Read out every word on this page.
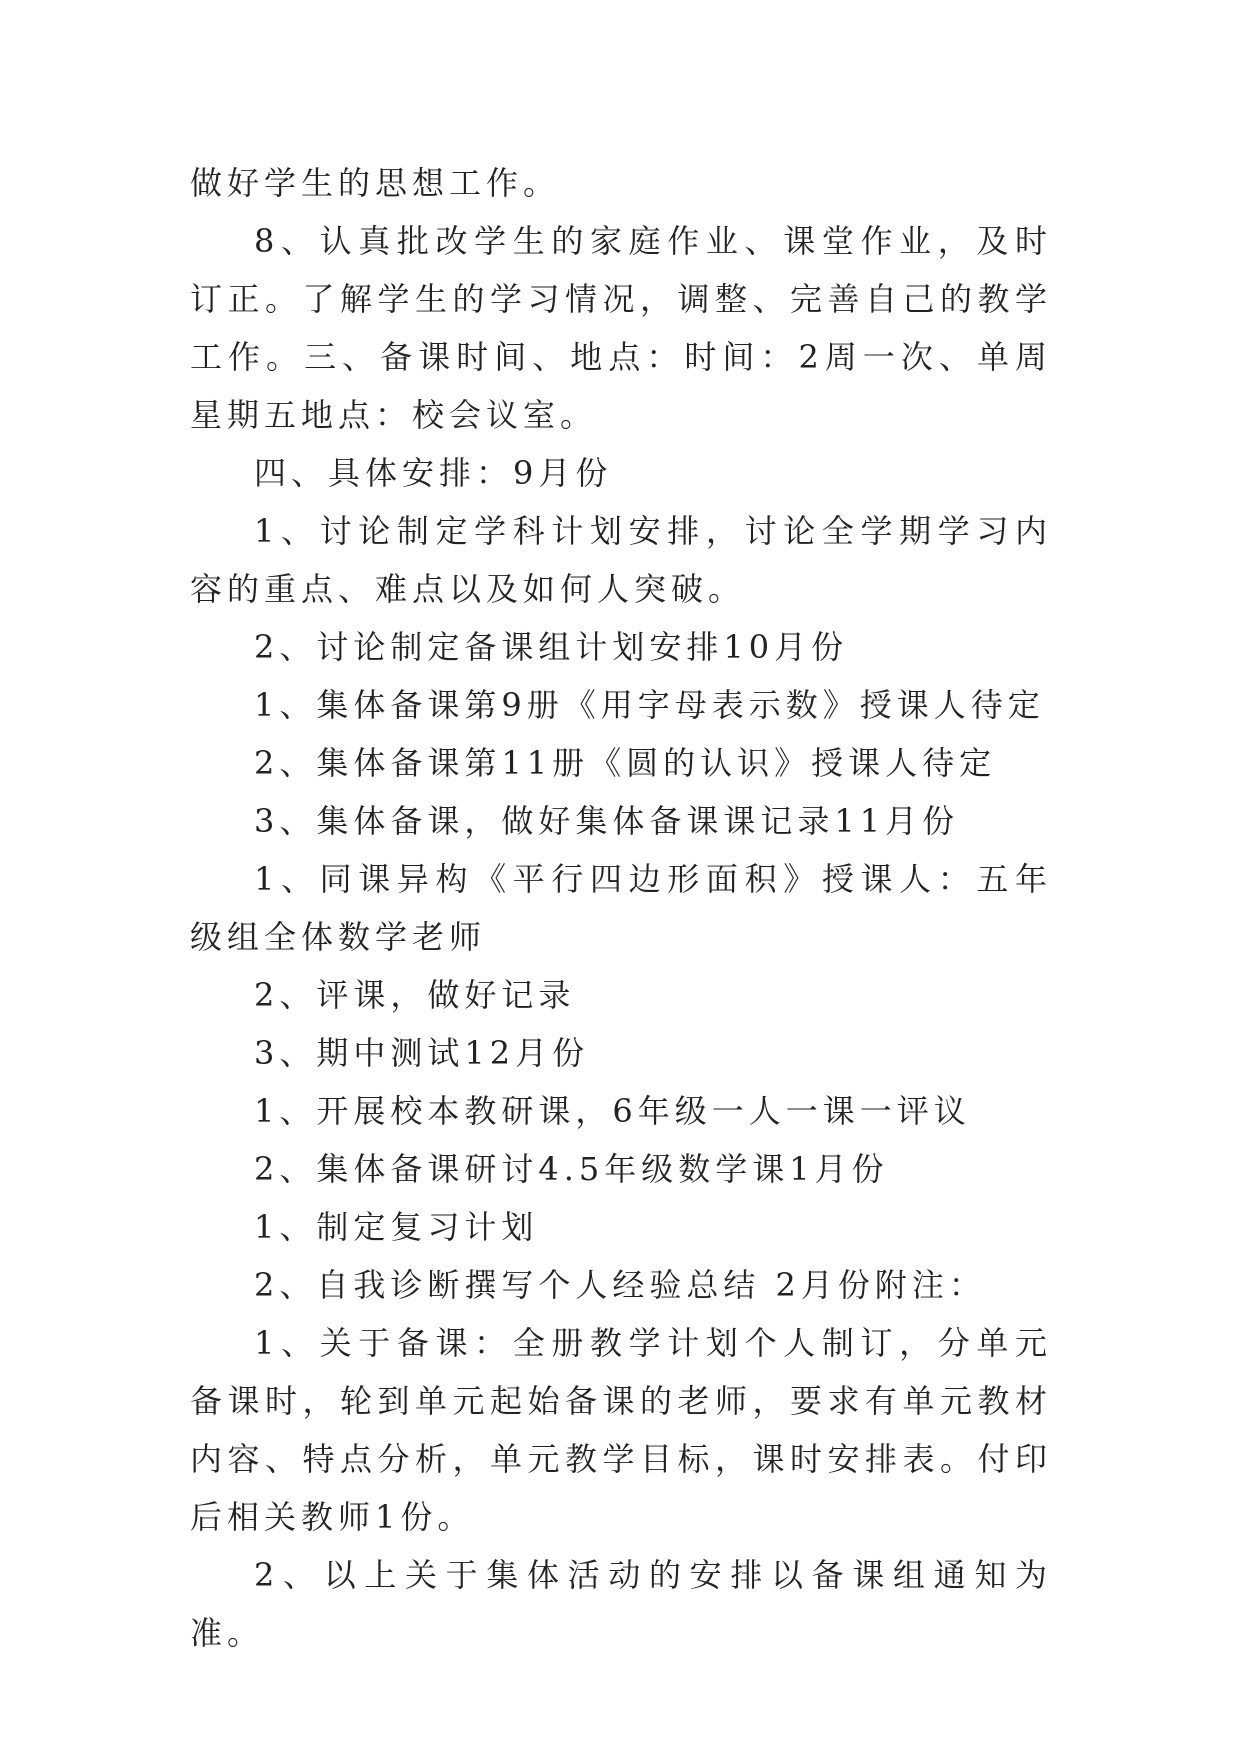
做好学生的思想工作。

8、认真批改学生的家庭作业、课堂作业，及时订正。了解学生的学习情况，调整、完善自己的教学工作。三、备课时间、地点：时间：2周一次、单周星期五地点：校会议室。

四、具体安排：9月份

1、讨论制定学科计划安排，讨论全学期学习内容的重点、难点以及如何人突破。

2、讨论制定备课组计划安排10月份

1、集体备课第9册《用字母表示数》授课人待定

2、集体备课第11册《圆的认识》授课人待定

3、集体备课，做好集体备课课记录11月份

1、同课异构《平行四边形面积》授课人：五年级组全体数学老师

2、评课，做好记录

3、期中测试12月份

1、开展校本教研课，6年级一人一课一评议

2、集体备课研讨4.5年级数学课1月份

1、制定复习计划

2、自我诊断撰写个人经验总结 2月份附注：

1、关于备课：全册教学计划个人制订，分单元备课时，轮到单元起始备课的老师，要求有单元教材内容、特点分析，单元教学目标，课时安排表。付印后相关教师1份。

2、以上关于集体活动的安排以备课组通知为准。
